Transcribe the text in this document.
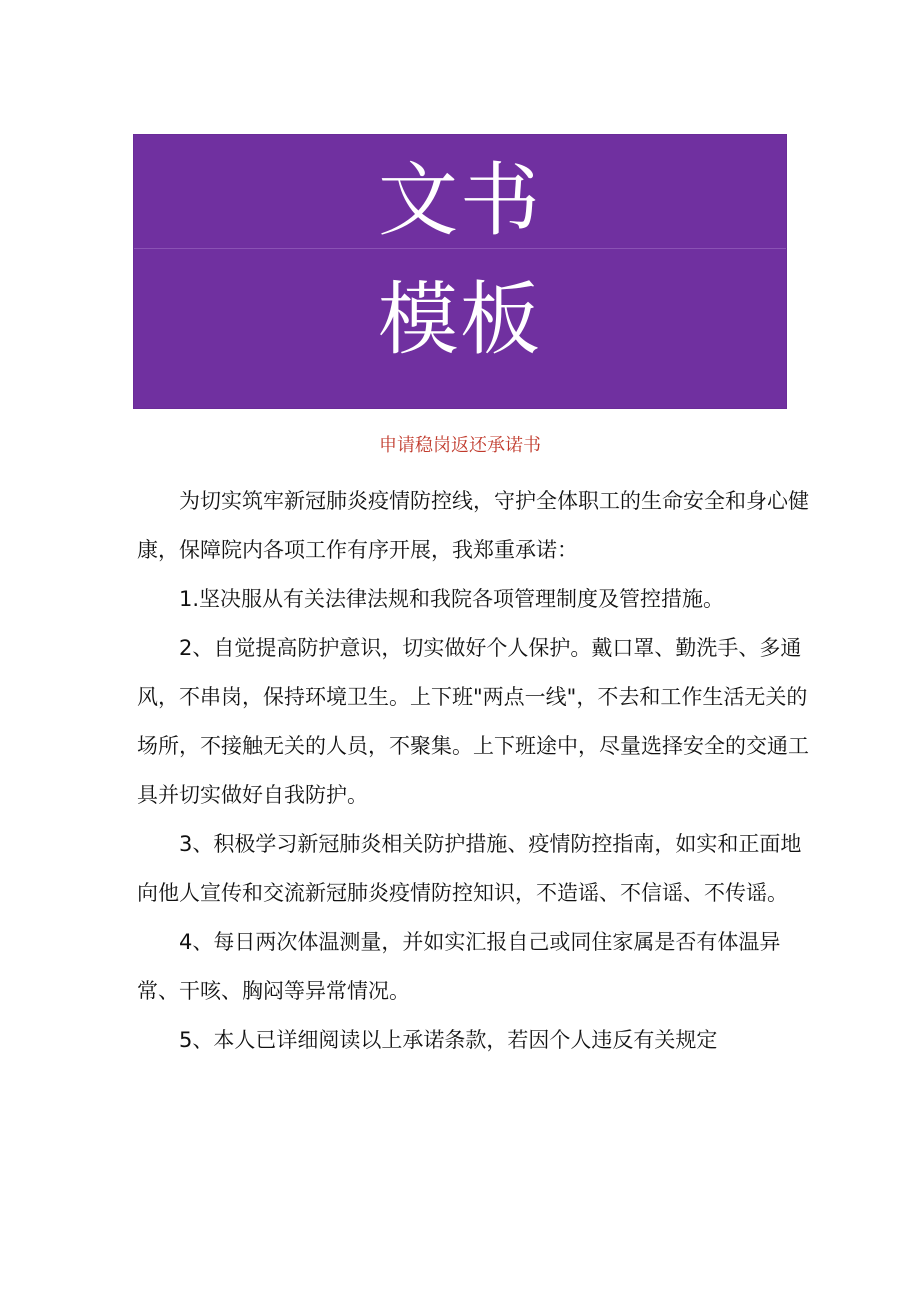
文书
模板
申请稳岗返还承诺书

为切实筑牢新冠肺炎疫情防控线，守护全体职工的生命安全和身心健康，保障院内各项工作有序开展，我郑重承诺：

1.坚决服从有关法律法规和我院各项管理制度及管控措施。

2、自觉提高防护意识，切实做好个人保护。戴口罩、勤洗手、多通风，不串岗，保持环境卫生。上下班"两点一线"，不去和工作生活无关的场所，不接触无关的人员，不聚集。上下班途中，尽量选择安全的交通工具并切实做好自我防护。

3、积极学习新冠肺炎相关防护措施、疫情防控指南，如实和正面地向他人宣传和交流新冠肺炎疫情防控知识，不造谣、不信谣、不传谣。

4、每日两次体温测量，并如实汇报自己或同住家属是否有体温异常、干咳、胸闷等异常情况。

5、本人已详细阅读以上承诺条款，若因个人违反有关规定
